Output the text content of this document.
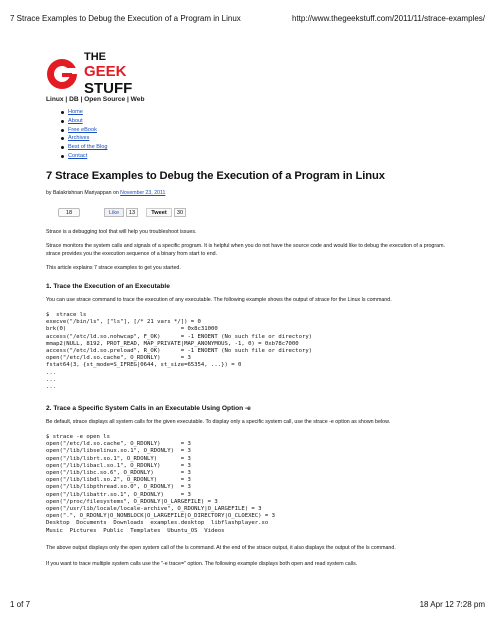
7 Strace Examples to Debug the Execution of a Program in Linux	http://www.thegeekstuff.com/2011/11/strace-examples/
THE
GEEK
STUFF
Linux | DB | Open Source | Web
Home
About
Free eBook
Archives
Best of the Blog
Contact
7 Strace Examples to Debug the Execution of a Program in Linux
by Balakrishnan Mariyappan on November 23, 2011
18	Like	13	Tweet	30
Strace is a debugging tool that will help you troubleshoot issues.
Strace monitors the system calls and signals of a specific program. It is helpful when you do not have the source code and would like to debug the execution of a program. strace provides you the execution sequence of a binary from start to end.
This article explains 7 strace examples to get you started.
1. Trace the Execution of an Executable
You can use strace command to trace the execution of any executable. The following example shows the output of strace for the Linux ls command.
$  strace ls
execve("/bin/ls", ["ls"], [/* 21 vars */]) = 0
brk(0)                                  = 0x8c31000
access("/etc/ld.so.nohwcap", F_OK)      = -1 ENOENT (No such file or directory)
mmap2(NULL, 8192, PROT_READ, MAP_PRIVATE|MAP_ANONYMOUS, -1, 0) = 0xb78c7000
access("/etc/ld.so.preload", R_OK)      = -1 ENOENT (No such file or directory)
open("/etc/ld.so.cache", O_RDONLY)      = 3
fstat64(3, {st_mode=S_IFREG|0644, st_size=65354, ...}) = 0
...
...
...
2. Trace a Specific System Calls in an Executable Using Option -e
Be default, strace displays all system calls for the given executable. To display only a specific system call, use the strace -e option as shown below.
$ strace -e open ls
open("/etc/ld.so.cache", O_RDONLY)      = 3
open("/lib/libselinux.so.1", O_RDONLY)  = 3
open("/lib/librt.so.1", O_RDONLY)       = 3
open("/lib/libacl.so.1", O_RDONLY)      = 3
open("/lib/libc.so.6", O_RDONLY)        = 3
open("/lib/libdl.so.2", O_RDONLY)       = 3
open("/lib/libpthread.so.0", O_RDONLY)  = 3
open("/lib/libattr.so.1", O_RDONLY)     = 3
open("/proc/filesystems", O_RDONLY|O_LARGEFILE) = 3
open("/usr/lib/locale/locale-archive", O_RDONLY|O_LARGEFILE) = 3
open(".", O_RDONLY|O_NONBLOCK|O_LARGEFILE|O_DIRECTORY|O_CLOEXEC) = 3
Desktop  Documents  Downloads  examples.desktop  libflashplayer.so
Music  Pictures  Public  Templates  Ubuntu_OS  Videos
The above output displays only the open system call of the ls command. At the end of the strace output, it also displays the output of the ls command.
If you want to trace multiple system calls use the "-e trace=" option. The following example displays both open and read system calls.
1 of 7	18 Apr 12 7:28 pm
